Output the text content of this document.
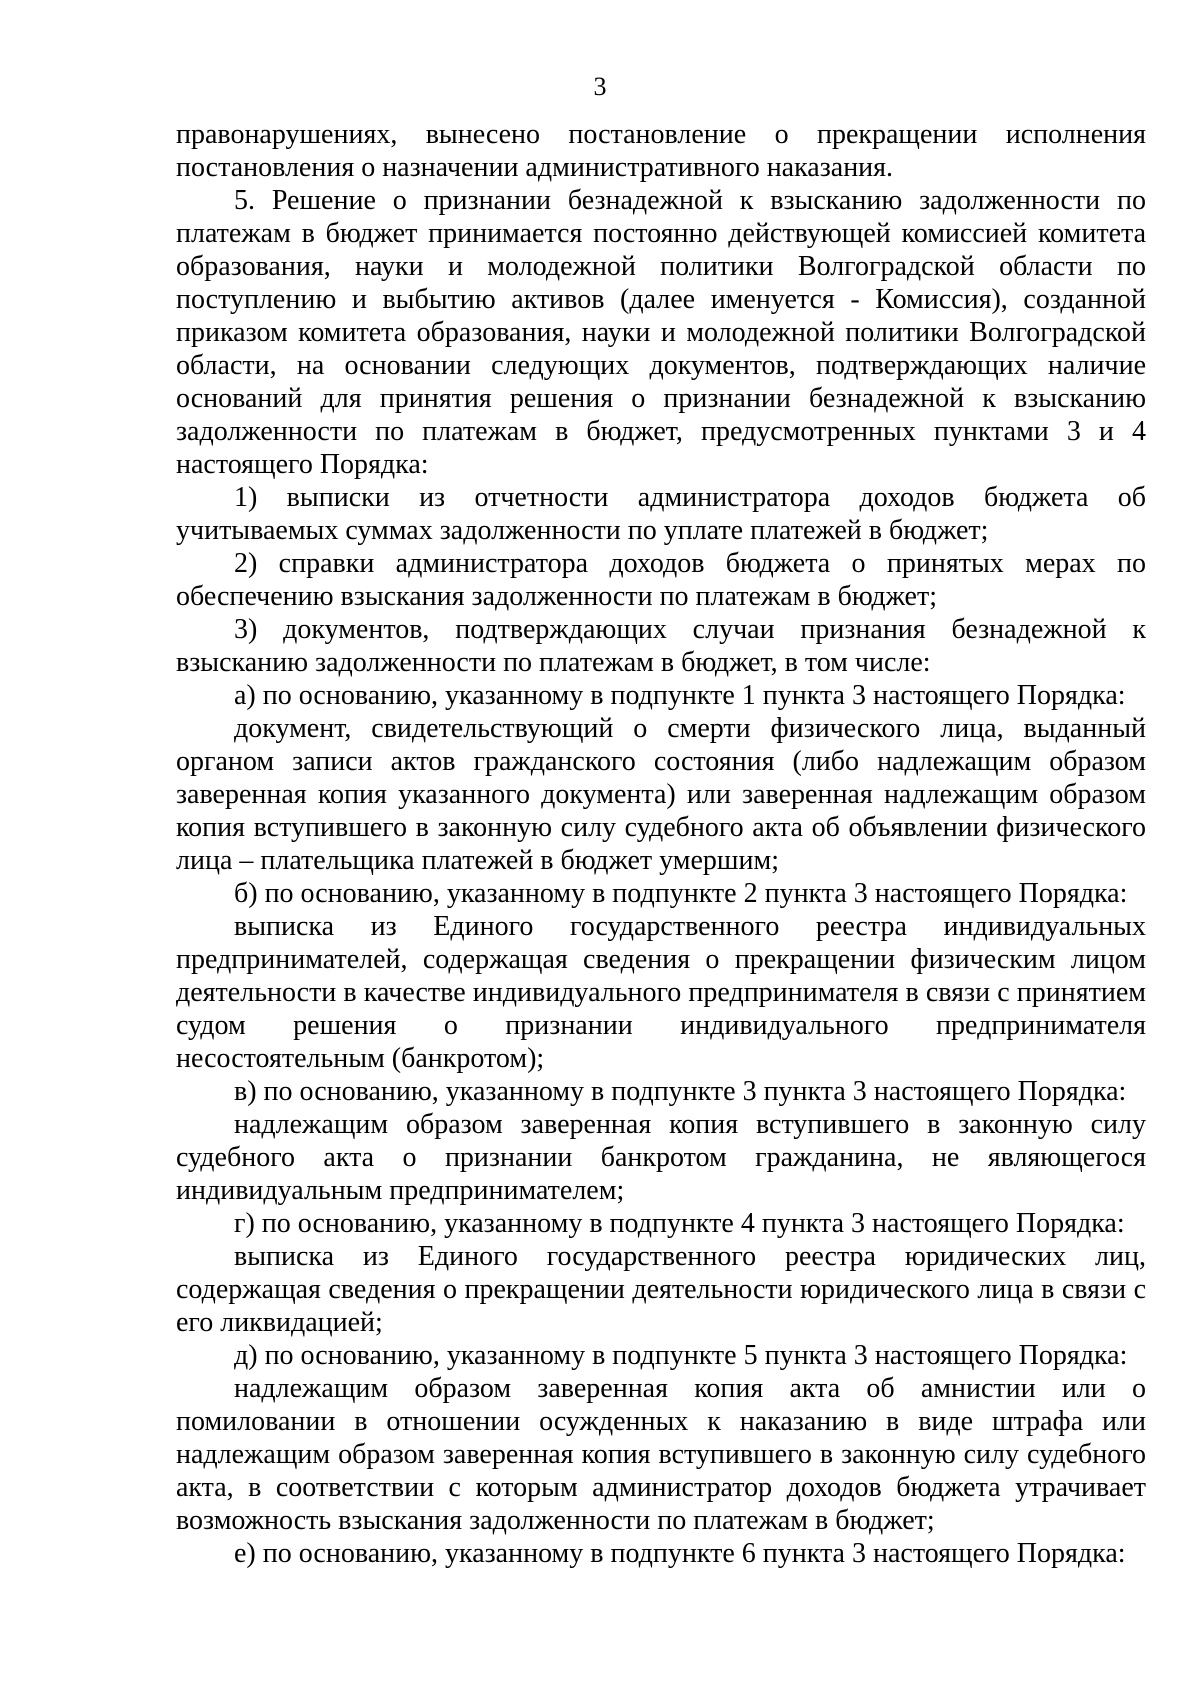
3

правонарушениях, вынесено постановление о прекращении исполнения постановления о назначении административного наказания.

5. Решение о признании безнадежной к взысканию задолженности по платежам в бюджет принимается постоянно действующей комиссией комитета образования, науки и молодежной политики Волгоградской области по поступлению и выбытию активов (далее именуется - Комиссия), созданной приказом комитета образования, науки и молодежной политики Волгоградской области, на основании следующих документов, подтверждающих наличие оснований для принятия решения о признании безнадежной к взысканию задолженности по платежам в бюджет, предусмотренных пунктами 3 и 4 настоящего Порядка:

1) выписки из отчетности администратора доходов бюджета об учитываемых суммах задолженности по уплате платежей в бюджет;

2) справки администратора доходов бюджета о принятых мерах по обеспечению взыскания задолженности по платежам в бюджет;

3) документов, подтверждающих случаи признания безнадежной к взысканию задолженности по платежам в бюджет, в том числе:

а) по основанию, указанному в подпункте 1 пункта 3 настоящего Порядка:

документ, свидетельствующий о смерти физического лица, выданный органом записи актов гражданского состояния (либо надлежащим образом заверенная копия указанного документа) или заверенная надлежащим образом копия вступившего в законную силу судебного акта об объявлении физического лица – плательщика платежей в бюджет умершим;

б) по основанию, указанному в подпункте 2 пункта 3 настоящего Порядка:

выписка из Единого государственного реестра индивидуальных предпринимателей, содержащая сведения о прекращении физическим лицом деятельности в качестве индивидуального предпринимателя в связи с принятием судом решения о признании индивидуального предпринимателя несостоятельным (банкротом);

в) по основанию, указанному в подпункте 3 пункта 3 настоящего Порядка:

надлежащим образом заверенная копия вступившего в законную силу судебного акта о признании банкротом гражданина, не являющегося индивидуальным предпринимателем;

г) по основанию, указанному в подпункте 4 пункта 3 настоящего Порядка:

выписка из Единого государственного реестра юридических лиц, содержащая сведения о прекращении деятельности юридического лица в связи с его ликвидацией;

д) по основанию, указанному в подпункте 5 пункта 3 настоящего Порядка:

надлежащим образом заверенная копия акта об амнистии или о помиловании в отношении осужденных к наказанию в виде штрафа или надлежащим образом заверенная копия вступившего в законную силу судебного акта, в соответствии с которым администратор доходов бюджета утрачивает возможность взыскания задолженности по платежам в бюджет;

е) по основанию, указанному в подпункте 6 пункта 3 настоящего Порядка:
